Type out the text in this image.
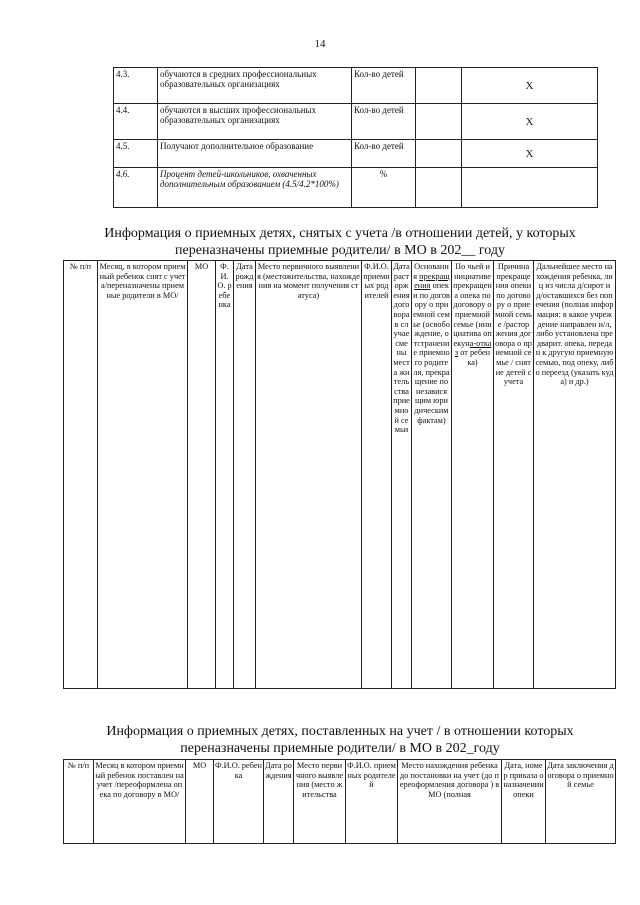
14
4.3.	обучаются в средних профессиональных образовательных организациях	Кол-во детей		X
4.4.	обучаются в высших профессиональных образовательных организациях	Кол-во детей		X
4.5.	Получают дополнительное образование	Кол-во детей		X
4.6.	Процент детей-школьников, охваченных дополнительным образованием (4.5/4.2*100%)	%		
Информация о приемных детях, снятых с учета /в отношении детей, у которых
переназначены приемные родители/ в МО в 202__ году
№ п/п	Месяц, в котором приемный ребенок снят с учета/переназначены приемные родители в МО/	МО	Ф. И. О. ребенка	Дата рождения	Место первичного выявления (местожительства, нахождения на момент получения статуса)	Ф.И.О. приемных родителей	Дата расторжения договора в случае смены места жительства приемной семьи	Основания прекращения опеки по договору о приемной семье (освобождение, отстранение приемного родителя, прекращение по независящим юридическим фактам)	По чьей инициативе прекращена опека по договору о приемной семье (инициатива опекуна-отказ от ребенка)	Причина прекращения опеки по договору о приемной семье /расторжения договора о приемной семье / снятие детей с учета	Дальнейшее место нахождения ребенка, лиц из числа д/сирот и д/оставшихся без попечения (полная информация: в какое учреждение направлен и/л, либо установлена предварит. опека, передан к другую приемную семью, под опеку, либо переезд (указать куда) и др.)
Информация о приемных детях, поставленных на учет / в отношении которых
переназначены приемные родители/ в МО в 202_году
№ п/п	Месяц в котором приемный ребенок поставлен на учет /переоформлена опека по договору в МО/	МО	Ф.И.О. ребенка	Дата рождения	Место первичного выявления (место жительства	Ф.И.О. приемных родителей	Место нахождения ребенка до постановки на учет (до переоформления договора ) в МО (полная	Дата, номер приказа о назначении опеки	Дата заключения договора о приемной семье
